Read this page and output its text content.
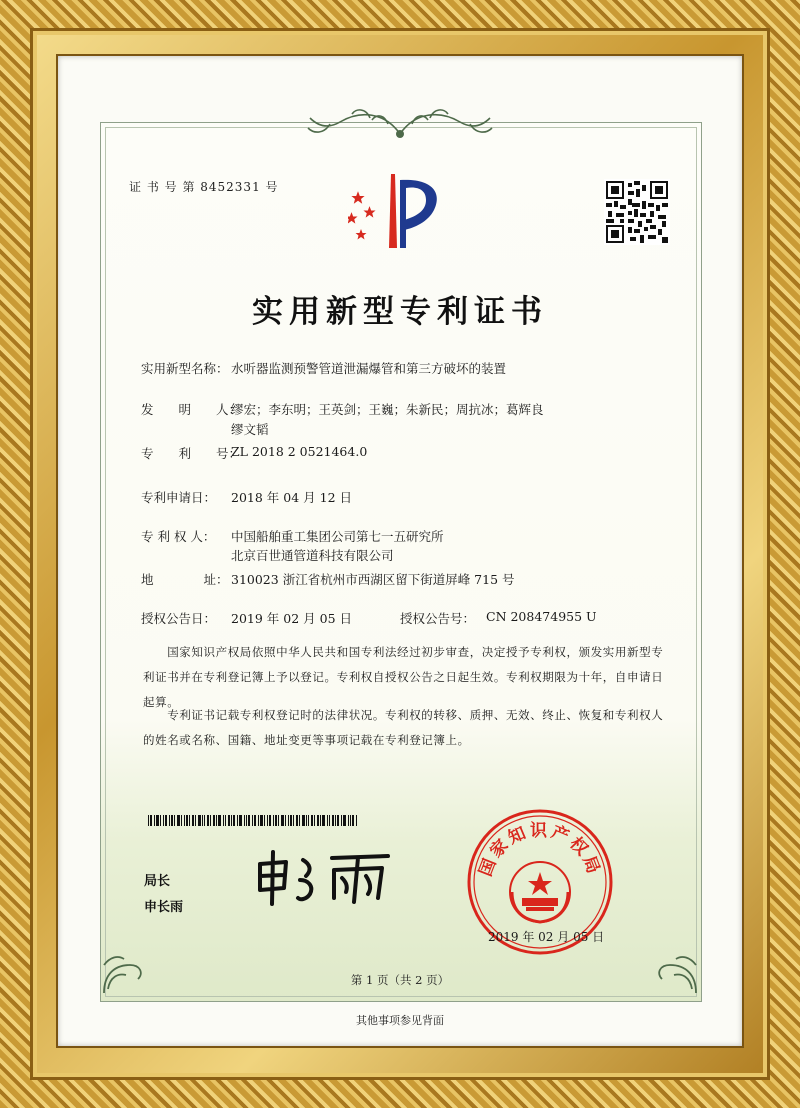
证 书 号 第 8452331 号
实用新型专利证书
实用新型名称： 水听器监测预警管道泄漏爆管和第三方破坏的装置
发　　明　　人：
缪宏；李东明；王英剑；王巍；朱新民；周抗冰；葛辉良
缪文韬
专　　利　　号：
ZL 2018 2 0521464.0
专利申请日： 2018 年 04 月 12 日
专 利 权 人： 中国船舶重工集团公司第七一五研究所
北京百世通管道科技有限公司
地　　　　址： 310023 浙江省杭州市西湖区留下街道屏峰 715 号
授权公告日： 2019 年 02 月 05 日	授权公告号： CN 208474955 U
　　国家知识产权局依照中华人民共和国专利法经过初步审查，决定授予专利权，颁发实用新型专利证书并在专利登记簿上予以登记。专利权自授权公告之日起生效。专利权期限为十年，自申请日起算。
　　专利证书记载专利权登记时的法律状况。专利权的转移、质押、无效、终止、恢复和专利权人的姓名或名称、国籍、地址变更等事项记载在专利登记簿上。
局长
申长雨
国家知识产权局
2019 年 02 月 05 日
第 1 页（共 2 页）
其他事项参见背面
